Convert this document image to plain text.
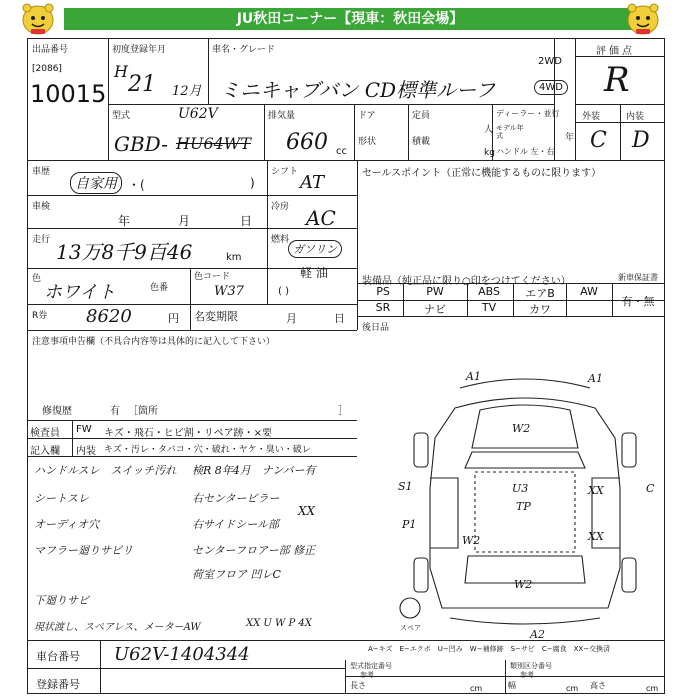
JU秋田コーナー【現車：秋田会場】
出品番号
[2086]
10015
初度登録年月
H
21 12月
車名・グレード
ミニキャブバン CD標準ルーフ
2WD
4WD
評価点
R
型式	U62V
GBD- HU64WT
排気量
660 cc
ドア
形状
定員
人
積載
kg
ディーラー・並行
モデル年式	年
ハンドル 左・右
外装	内装
C D
車歴
自家用 ・(	)
シフト AT
車検
年	月	日
冷房 AC
走行 13万8千9百46	km
燃料
ガソリン
軽 油
( )
色
ホワイト	色番
色コード
W37
R券 8620	円 名変期限	月	日
セールスポイント（正常に機能するものに限ります）
装備品（純正品に限り○印をつけてください）	新車保証書
PS	PW	ABS	エアB	AW
SR	ナビ	TV	カワ
有・無
後日品
注意事項申告欄（不具合内容等は具体的に記入して下さい）
修復歴	有 ［箇所	］
検査員
記入欄
FW キズ・飛石・ヒビ割・リペア跡・×要
内装 キズ・汚レ・タバコ・穴・破れ・ヤケ・臭い・破レ
ハンドルスレ　スイッチ汚れ
シートスレ
オーディオ穴
マフラー廻りサビリ
下廻りサビ
現状渡し、スペアレス、メーターAW
検R 8年4月　ナンバー有
右センターピラー
右サイドシール部
XX
センターフロアー部 修正
荷室フロア 凹レC
A1	A1
W2
S1	U3
TP
XX
XX
C
P1
W2
W2
A2
スペア
XX U W P 4X
A−キズ　E−エクボ　U−凹み　W−補修跡　S−サビ　C−腐食　XX−交換済
車台番号 U62V-1404344
登録番号
型式指定番号	類別区分番号
参考	参考
長さ	cm	幅	cm 高さ	cm
